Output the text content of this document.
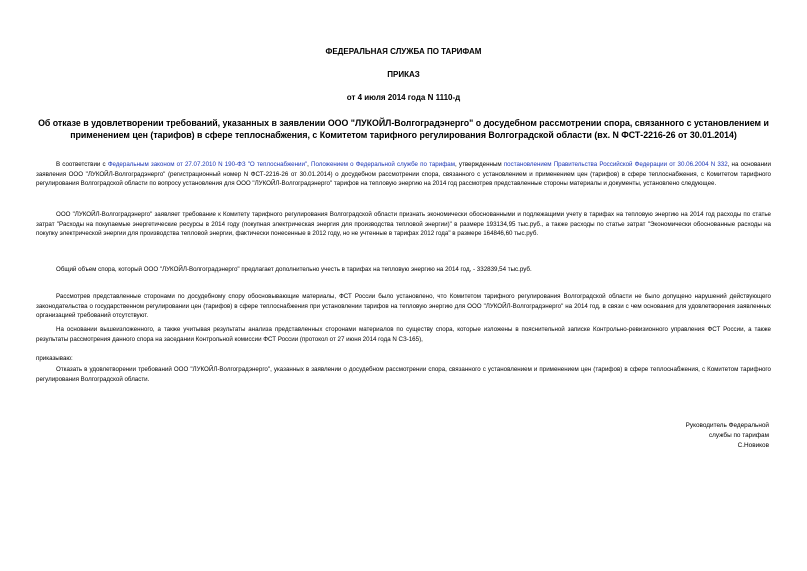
ФЕДЕРАЛЬНАЯ СЛУЖБА ПО ТАРИФАМ
ПРИКАЗ
от 4 июля 2014 года N 1110-д
Об отказе в удовлетворении требований, указанных в заявлении ООО "ЛУКОЙЛ-Волгоградэнерго" о досудебном рассмотрении спора, связанного с установлением и применением цен (тарифов) в сфере теплоснабжения, с Комитетом тарифного регулирования Волгоградской области (вх. N ФСТ-2216-26 от 30.01.2014)
В соответствии с Федеральным законом от 27.07.2010 N 190-ФЗ "О теплоснабжении", Положением о Федеральной службе по тарифам, утвержденным постановлением Правительства Российской Федерации от 30.06.2004 N 332, на основании заявления ООО "ЛУКОЙЛ-Волгоградэнерго" (регистрационный номер N ФСТ-2216-26 от 30.01.2014) о досудебном рассмотрении спора, связанного с установлением и применением цен (тарифов) в сфере теплоснабжения, с Комитетом тарифного регулирования Волгоградской области по вопросу установления для ООО "ЛУКОЙЛ-Волгоградэнерго" тарифов на тепловую энергию на 2014 год рассмотрев представленные стороны материалы и документы, установлено следующее.
ООО "ЛУКОЙЛ-Волгоградэнерго" заявляет требование к Комитету тарифного регулирования Волгоградской области признать экономически обоснованными и подлежащими учету в тарифах на тепловую энергию на 2014 год расходы по статье затрат "Расходы на покупаемые энергетические ресурсы в 2014 году (покупная электрическая энергия для производства тепловой энергии)" в размере 193134,95 тыс.руб., а также расходы по статье затрат "Экономически обоснованные расходы на покупку электрической энергии для производства тепловой энергии, фактически понесенные в 2012 году, но не учтенные в тарифах 2012 года" в размере 164846,60 тыс.руб.
Общий объем спора, который ООО "ЛУКОЙЛ-Волгоградэнерго" предлагает дополнительно учесть в тарифах на тепловую энергию на 2014 год, - 332839,54 тыс.руб.
Рассмотрев представленные сторонами по досудебному спору обосновывающие материалы, ФСТ России было установлено, что Комитетом тарифного регулирования Волгоградской области не было допущено нарушений действующего законодательства о государственном регулировании цен (тарифов) в сфере теплоснабжения при установлении тарифов на тепловую энергию для ООО "ЛУКОЙЛ-Волгоградэнерго" на 2014 год, в связи с чем основания для удовлетворения заявленных организацией требований отсутствуют.
На основании вышеизложенного, а также учитывая результаты анализа представленных сторонами материалов по существу спора, которые изложены в пояснительной записке Контрольно-ревизионного управления ФСТ России, а также результаты рассмотрения данного спора на заседании Контрольной комиссии ФСТ России (протокол от 27 июня 2014 года N СЗ-165),
приказываю:
Отказать в удовлетворении требований ООО "ЛУКОЙЛ-Волгоградэнерго", указанных в заявлении о досудебном рассмотрении спора, связанного с установлением и применением цен (тарифов) в сфере теплоснабжения, с Комитетом тарифного регулирования Волгоградской области.
Руководитель Федеральной
службы по тарифам
С.Новиков
